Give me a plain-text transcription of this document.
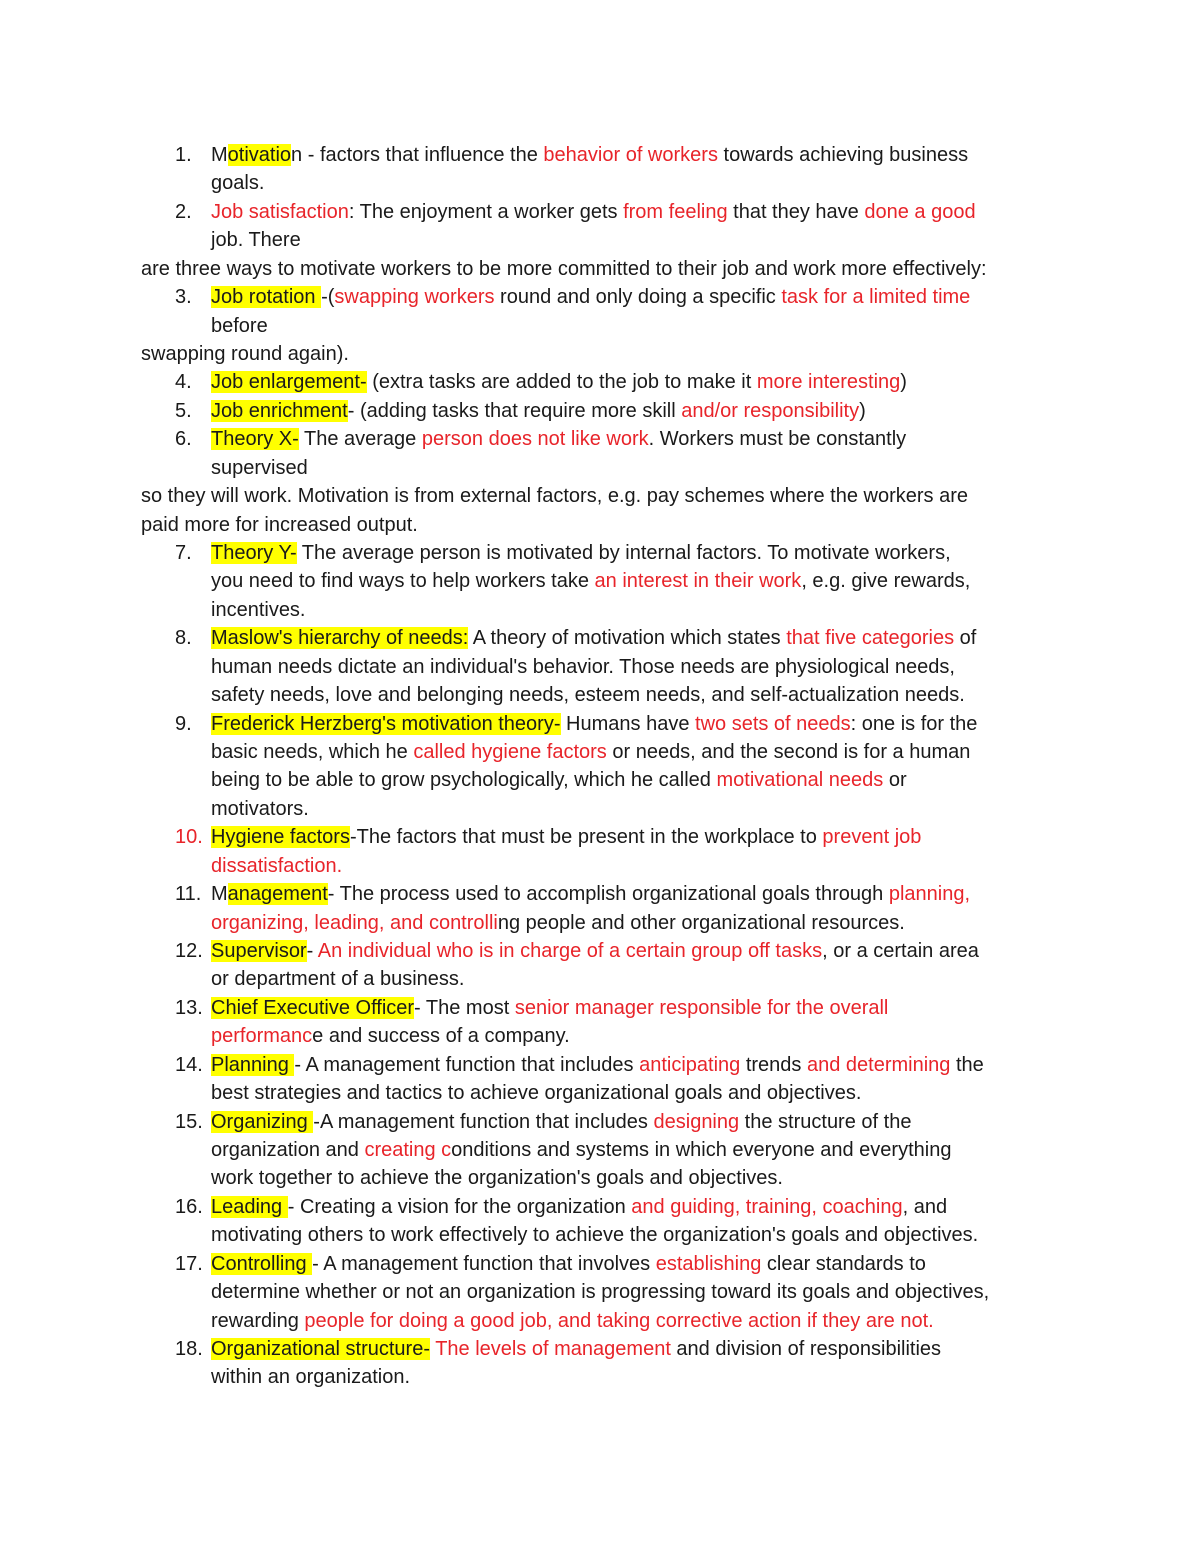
1. Motivation - factors that influence the behavior of workers towards achieving business
goals.
2. Job satisfaction: The enjoyment a worker gets from feeling that they have done a good
job. There
are three ways to motivate workers to be more committed to their job and work more effectively:
3. Job rotation -(swapping workers round and only doing a specific task for a limited time
before
swapping round again).
4. Job enlargement- (extra tasks are added to the job to make it more interesting)
5. Job enrichment- (adding tasks that require more skill and/or responsibility)
6. Theory X- The average person does not like work. Workers must be constantly
supervised
so they will work. Motivation is from external factors, e.g. pay schemes where the workers are
paid more for increased output.
7. Theory Y- The average person is motivated by internal factors. To motivate workers,
you need to find ways to help workers take an interest in their work, e.g. give rewards,
incentives.
8. Maslow's hierarchy of needs: A theory of motivation which states that five categories of
human needs dictate an individual's behavior. Those needs are physiological needs,
safety needs, love and belonging needs, esteem needs, and self-actualization needs.
9. Frederick Herzberg's motivation theory- Humans have two sets of needs: one is for the
basic needs, which he called hygiene factors or needs, and the second is for a human
being to be able to grow psychologically, which he called motivational needs or
motivators.
10. Hygiene factors-The factors that must be present in the workplace to prevent job
dissatisfaction.
11. Management- The process used to accomplish organizational goals through planning,
organizing, leading, and controlling people and other organizational resources.
12. Supervisor- An individual who is in charge of a certain group off tasks, or a certain area
or department of a business.
13. Chief Executive Officer- The most senior manager responsible for the overall
performance and success of a company.
14. Planning - A management function that includes anticipating trends and determining the
best strategies and tactics to achieve organizational goals and objectives.
15. Organizing -A management function that includes designing the structure of the
organization and creating conditions and systems in which everyone and everything
work together to achieve the organization's goals and objectives.
16. Leading - Creating a vision for the organization and guiding, training, coaching, and
motivating others to work effectively to achieve the organization's goals and objectives.
17. Controlling - A management function that involves establishing clear standards to
determine whether or not an organization is progressing toward its goals and objectives,
rewarding people for doing a good job, and taking corrective action if they are not.
18. Organizational structure- The levels of management and division of responsibilities
within an organization.
